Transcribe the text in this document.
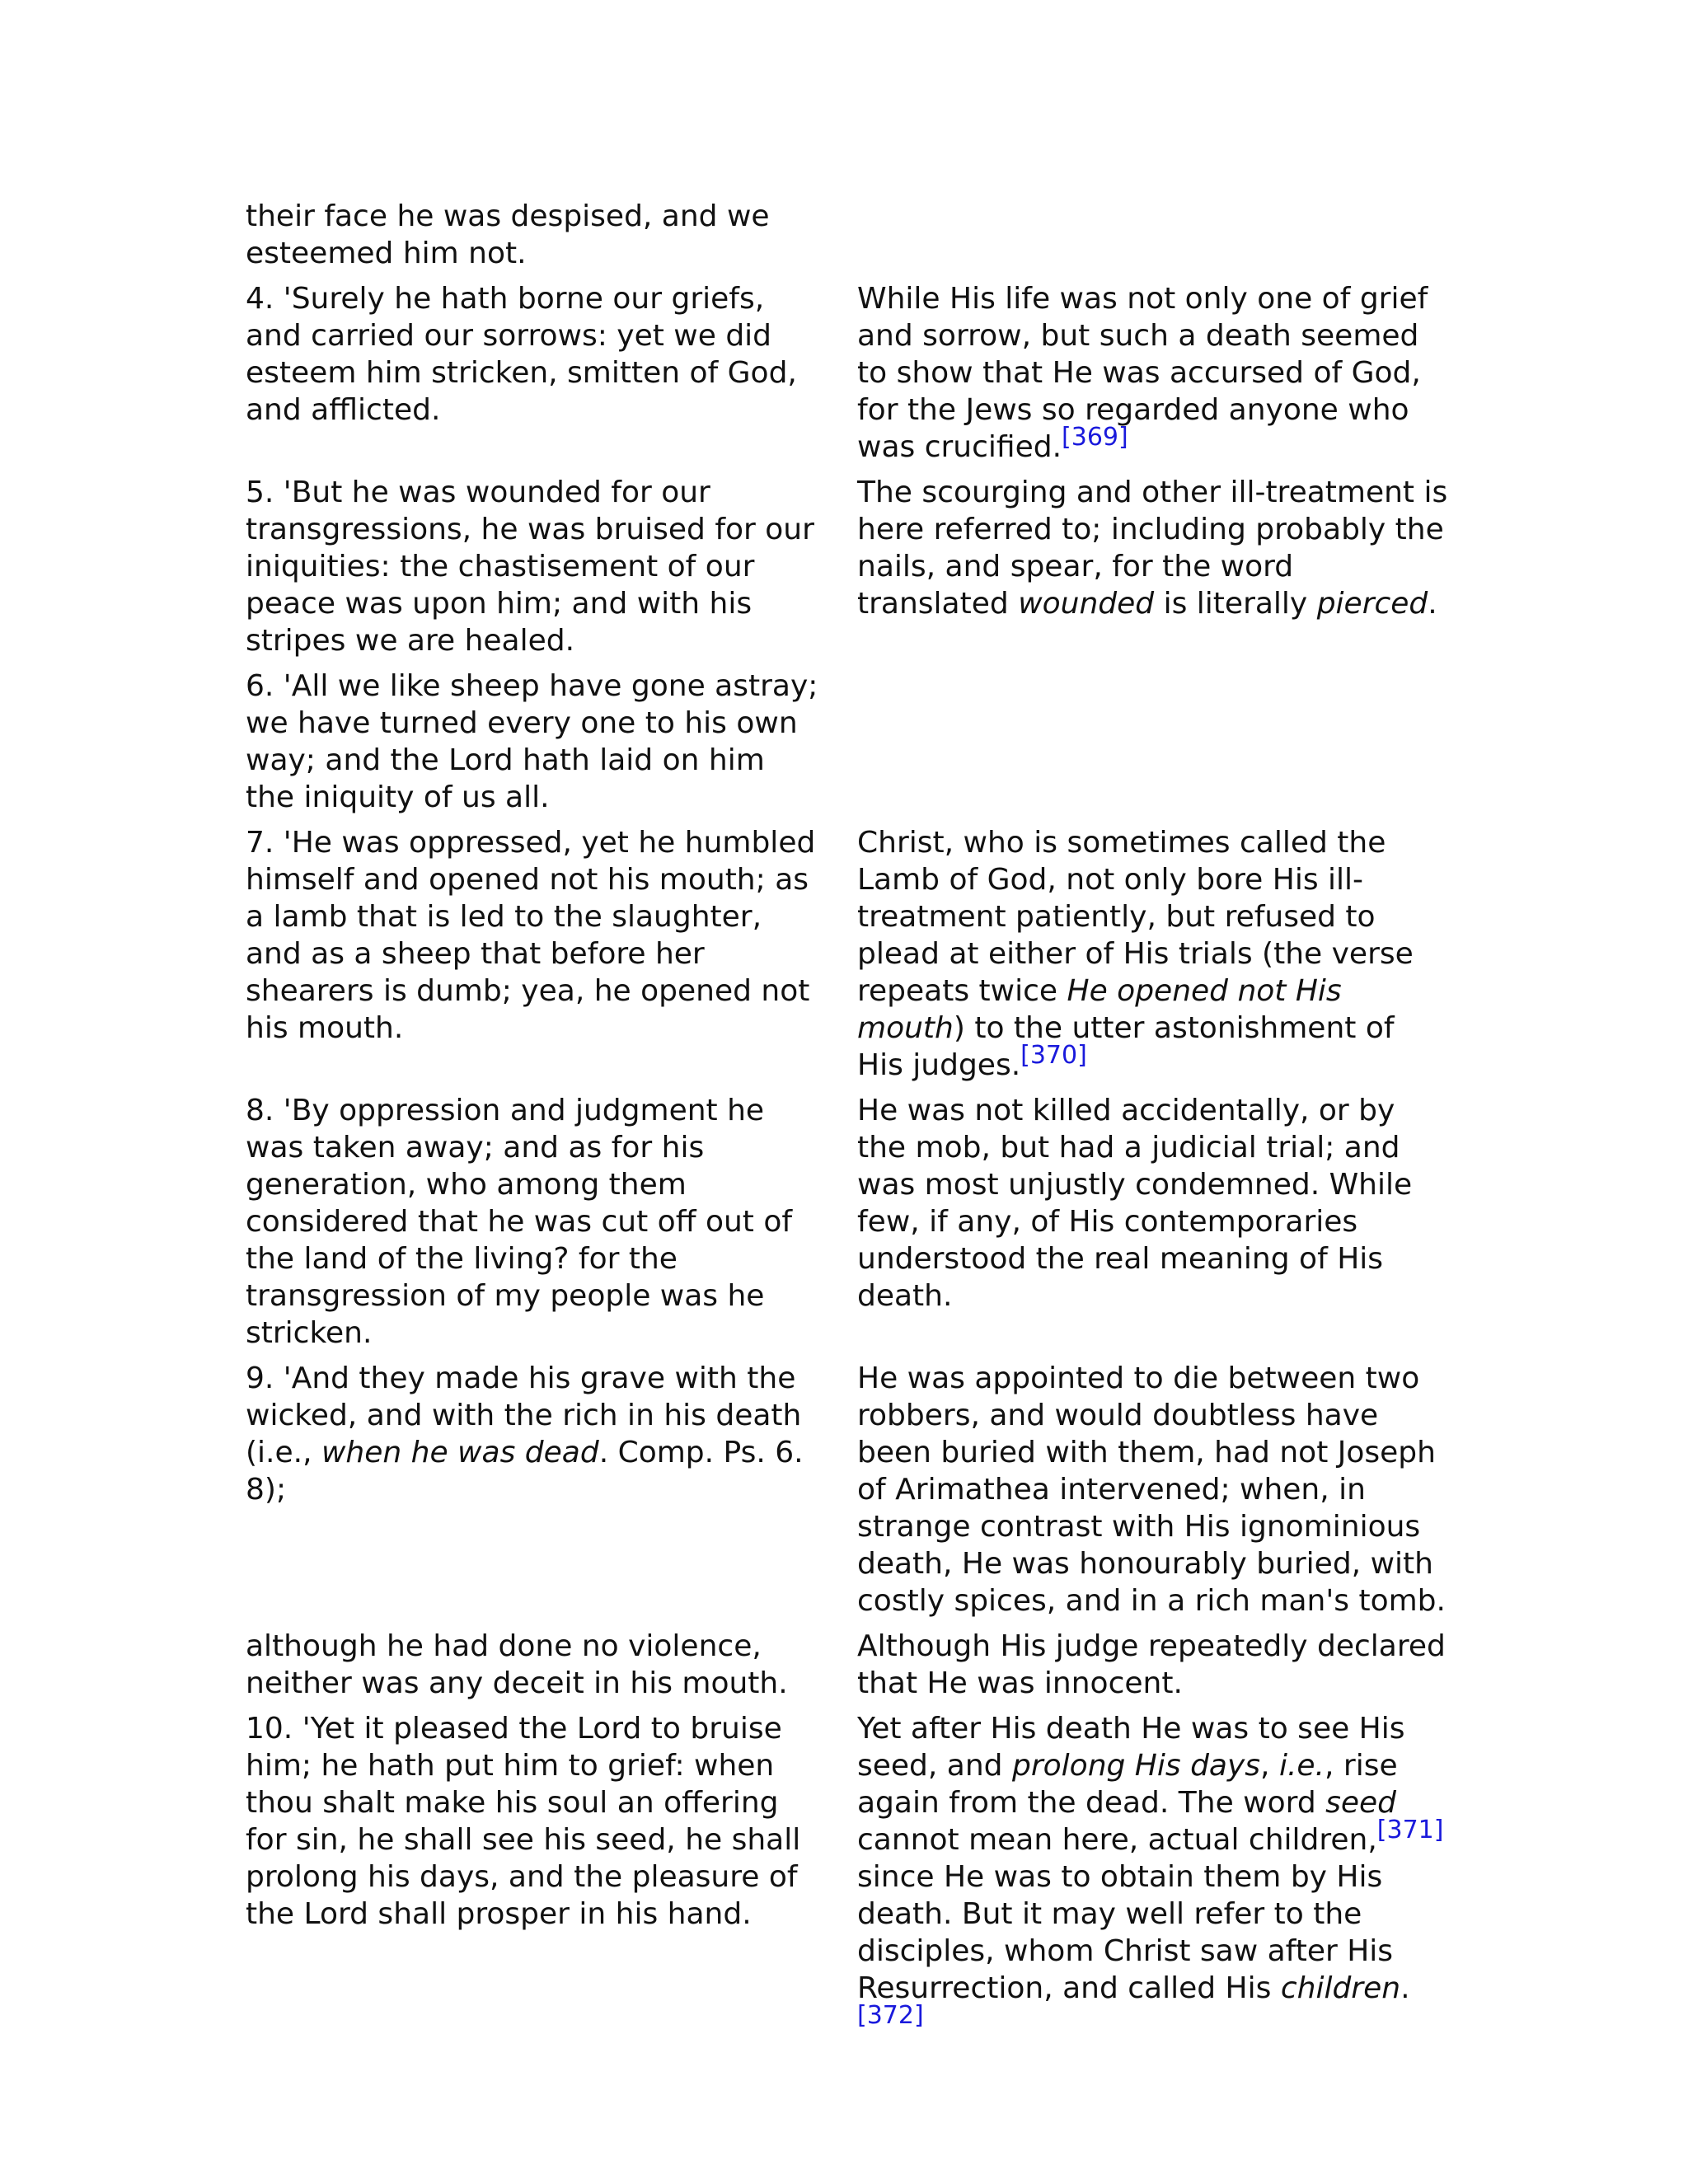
their face he was despised, and we esteemed him not.
4. 'Surely he hath borne our griefs, and carried our sorrows: yet we did esteem him stricken, smitten of God, and afflicted.
While His life was not only one of grief and sorrow, but such a death seemed to show that He was accursed of God, for the Jews so regarded anyone who was crucified.[369]
5. 'But he was wounded for our transgressions, he was bruised for our iniquities: the chastisement of our peace was upon him; and with his stripes we are healed.
The scourging and other ill-treatment is here referred to; including probably the nails, and spear, for the word translated wounded is literally pierced.
6. 'All we like sheep have gone astray; we have turned every one to his own way; and the Lord hath laid on him the iniquity of us all.
7. 'He was oppressed, yet he humbled himself and opened not his mouth; as a lamb that is led to the slaughter, and as a sheep that before her shearers is dumb; yea, he opened not his mouth.
Christ, who is sometimes called the Lamb of God, not only bore His ill-treatment patiently, but refused to plead at either of His trials (the verse repeats twice He opened not His mouth) to the utter astonishment of His judges.[370]
8. 'By oppression and judgment he was taken away; and as for his generation, who among them considered that he was cut off out of the land of the living? for the transgression of my people was he stricken.
He was not killed accidentally, or by the mob, but had a judicial trial; and was most unjustly condemned. While few, if any, of His contemporaries understood the real meaning of His death.
9. 'And they made his grave with the wicked, and with the rich in his death (i.e., when he was dead. Comp. Ps. 6. 8);
He was appointed to die between two robbers, and would doubtless have been buried with them, had not Joseph of Arimathea intervened; when, in strange contrast with His ignominious death, He was honourably buried, with costly spices, and in a rich man's tomb.
although he had done no violence, neither was any deceit in his mouth.
Although His judge repeatedly declared that He was innocent.
10. 'Yet it pleased the Lord to bruise him; he hath put him to grief: when thou shalt make his soul an offering for sin, he shall see his seed, he shall prolong his days, and the pleasure of the Lord shall prosper in his hand.
Yet after His death He was to see His seed, and prolong His days, i.e., rise again from the dead. The word seed cannot mean here, actual children,[371] since He was to obtain them by His death. But it may well refer to the disciples, whom Christ saw after His Resurrection, and called His children.[372]
